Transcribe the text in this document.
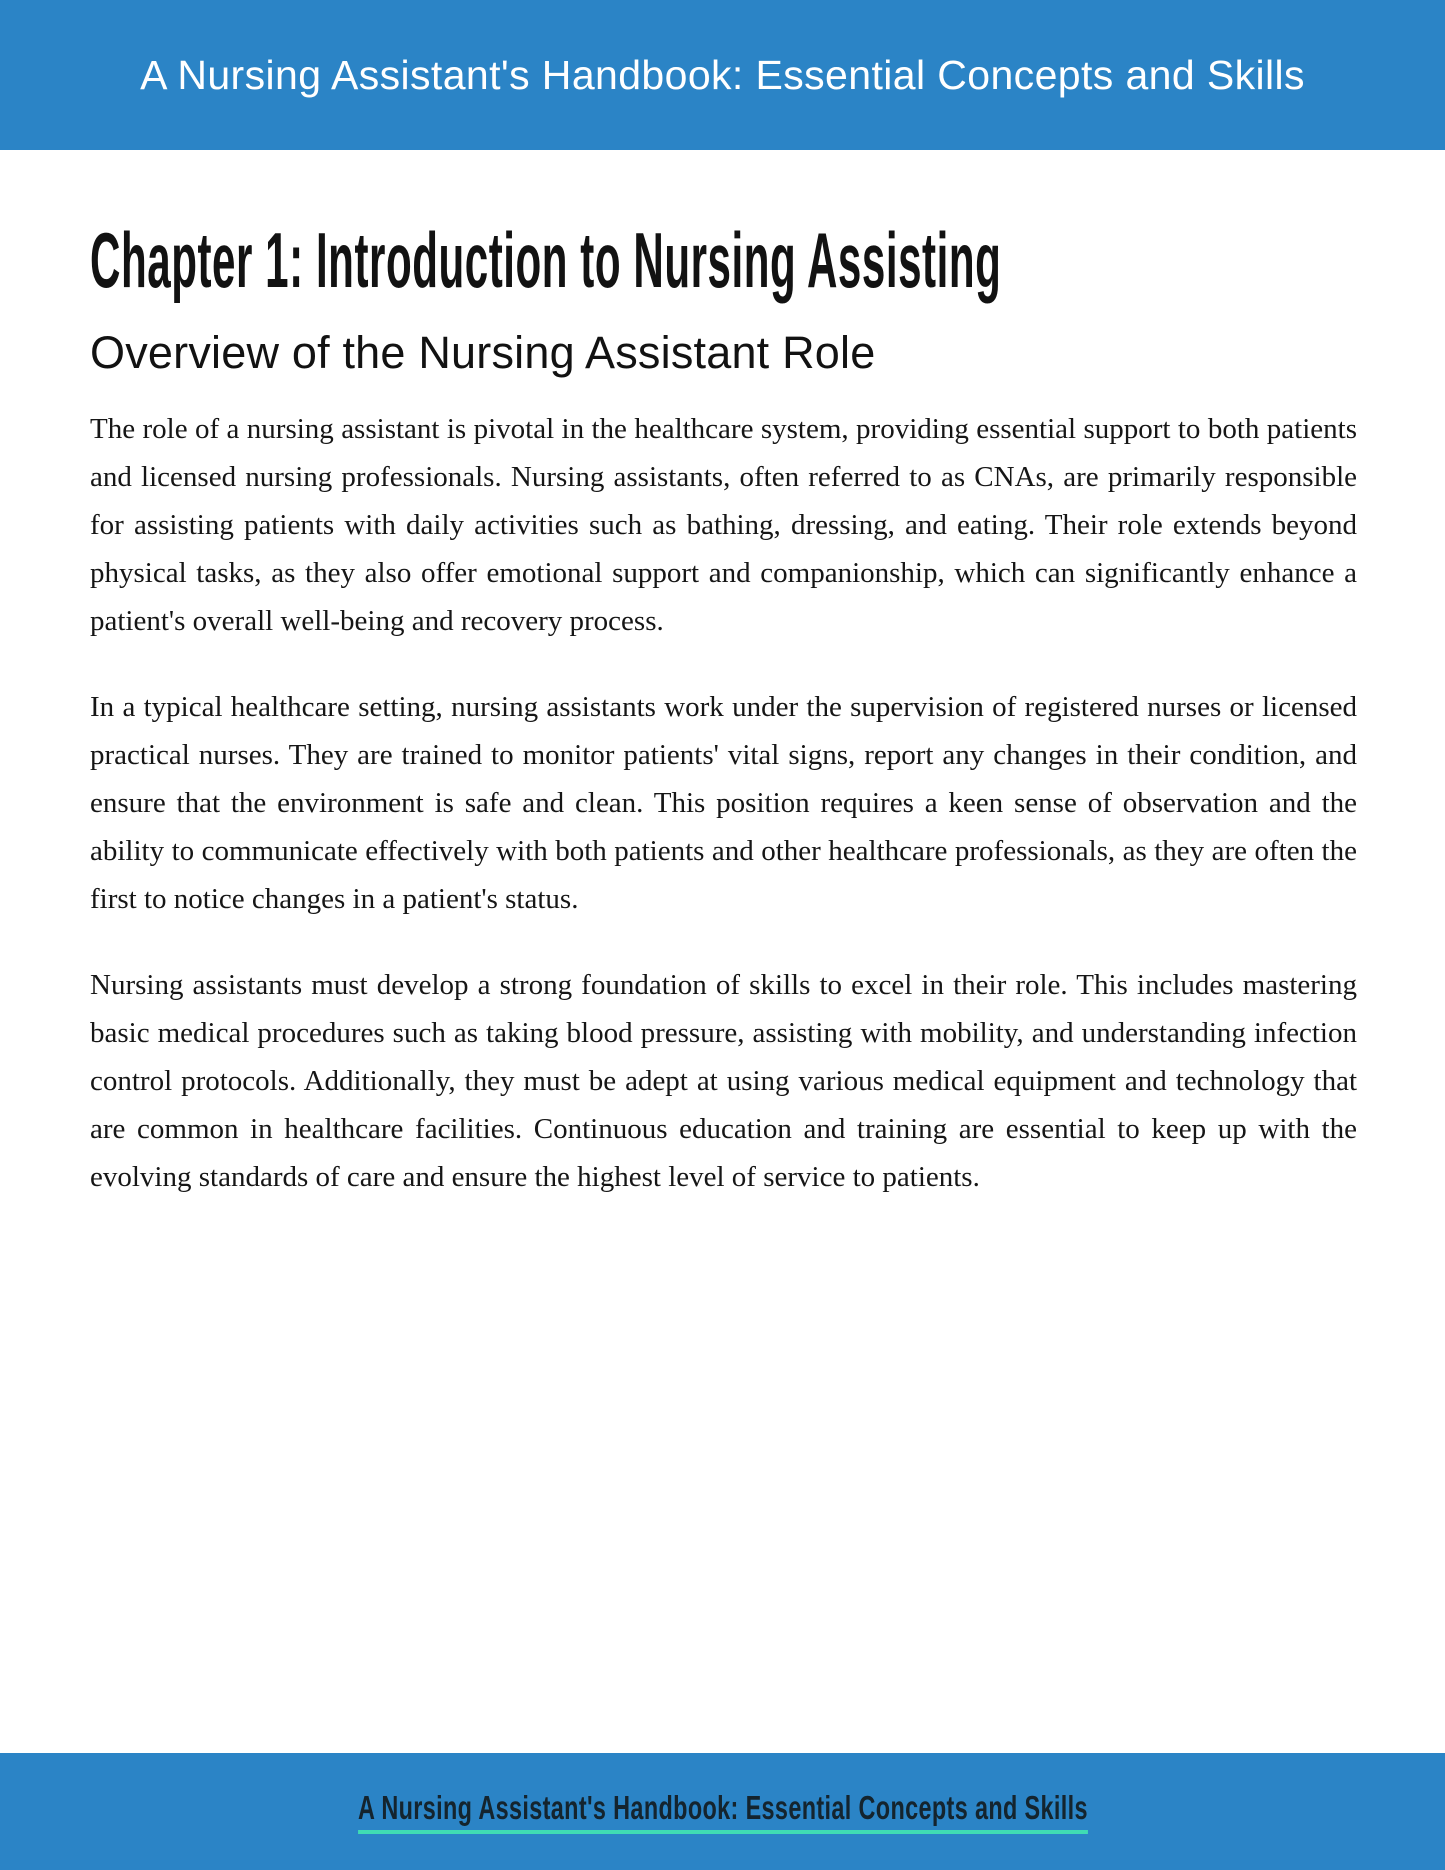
A Nursing Assistant's Handbook: Essential Concepts and Skills
Chapter 1: Introduction to Nursing Assisting
Overview of the Nursing Assistant Role

The role of a nursing assistant is pivotal in the healthcare system, providing essential support to both patients and licensed nursing professionals. Nursing assistants, often referred to as CNAs, are primarily responsible for assisting patients with daily activities such as bathing, dressing, and eating. Their role extends beyond physical tasks, as they also offer emotional support and companionship, which can significantly enhance a patient's overall well-being and recovery process.

In a typical healthcare setting, nursing assistants work under the supervision of registered nurses or licensed practical nurses. They are trained to monitor patients' vital signs, report any changes in their condition, and ensure that the environment is safe and clean. This position requires a keen sense of observation and the ability to communicate effectively with both patients and other healthcare professionals, as they are often the first to notice changes in a patient's status.

Nursing assistants must develop a strong foundation of skills to excel in their role. This includes mastering basic medical procedures such as taking blood pressure, assisting with mobility, and understanding infection control protocols. Additionally, they must be adept at using various medical equipment and technology that are common in healthcare facilities. Continuous education and training are essential to keep up with the evolving standards of care and ensure the highest level of service to patients.

A Nursing Assistant's Handbook: Essential Concepts and Skills
